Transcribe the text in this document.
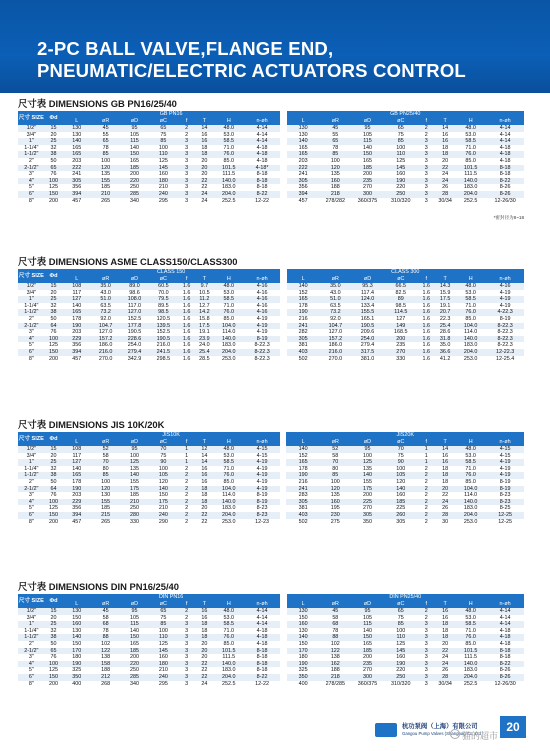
2-PC BALL VALVE,FLANGE END,
PNEUMATIC/ELECTRIC ACTUATORS CONTROL
尺寸表 DIMENSIONS GB PN16/25/40
尺寸 SIZE	Φd	GB PN16									GB PN25/40							
		L	øR	øD	øC	f	T	H	n-øh		L	øR	øD	øC	f	T	H	n-øh
1/2"	15	130	45	95	65	2	14	48.0	4-14		130	45	95	65	2	14	48.0	4-14
3/4"	20	130	55	105	75	2	16	53.0	4-14		130	55	105	75	2	16	53.0	4-14
1"	25	140	65	115	85	3	16	58.5	4-14		140	65	115	85	3	16	58.5	4-14
1-1/4"	32	165	78	140	100	3	18	71.0	4-18		165	78	140	100	3	18	71.0	4-18
1-1/2"	38	165	85	150	110	3	18	76.0	4-18		165	85	150	110	3	18	76.0	4-18
2"	50	203	100	165	125	3	20	85.0	4-18		203	100	165	125	3	20	85.0	4-18
2-1/2"	65	222	120	185	145	3	20	101.5	4-18*		222	120	185	145	3	22	101.5	8-18
3"	76	241	135	200	160	3	20	111.5	8-18		241	135	200	160	3	24	111.5	8-18
4"	100	305	155	220	180	3	22	140.0	8-18		305	160	235	190	3	24	140.0	8-22
5"	125	356	185	250	210	3	22	183.0	8-18		356	188	270	220	3	26	183.0	8-26
6"	150	394	210	285	240	3	24	204.0	8-22		394	218	300	250	3	28	204.0	8-26
8"	200	457	265	340	295	3	24	252.5	12-22		457	278/282	360/375	310/320	3	30/34	252.5	12-26/30
*密封径为8~18
尺寸表 DIMENSIONS ASME CLASS150/CLASS300
尺寸 SIZE	Φd	CLASS 150									CLASS 300							
		L	øR	øD	øC	f	T	H	n-øh		L	øR	øD	øC	f	T	H	n-øh
1/2"	15	108	35.0	89.0	60.5	1.6	9.7	48.0	4-16		140	35.0	95.3	66.5	1.6	14.3	48.0	4-16
3/4"	20	117	43.0	98.6	70.0	1.6	10.5	53.0	4-16		152	43.0	117.4	82.5	1.6	15.9	53.0	4-19
1"	25	127	51.0	108.0	79.5	1.6	11.2	58.5	4-16		165	51.0	124.0	89	1.6	17.5	58.5	4-19
1-1/4"	32	140	63.5	117.0	89.5	1.6	12.7	71.0	4-16		178	63.5	133.4	98.5	1.6	19.1	71.0	4-19
1-1/2"	38	165	73.2	127.0	98.5	1.6	14.2	76.0	4-16		190	73.2	155.5	114.5	1.6	20.7	76.0	4-22.3
2"	50	178	92.0	152.5	120.5	1.6	15.8	85.0	4-19		216	92.0	165.1	127	1.6	22.3	85.0	8-19
2-1/2"	64	190	104.7	177.8	139.5	1.6	17.5	104.0	4-19		241	104.7	190.5	149	1.6	25.4	104.0	8-22.3
3"	76	203	127.0	190.5	152.5	1.6	19.1	114.0	4-19		282	127.0	209.6	168.5	1.6	28.6	114.0	8-22.3
4"	100	229	157.2	228.6	190.5	1.6	23.9	140.0	8-19		305	157.2	254.0	200	1.6	31.8	140.0	8-22.3
5"	125	356	186.0	254.0	216.0	1.6	24.0	183.0	8-22.3		381	186.0	279.4	235	1.6	35.0	183.0	8-22.3
6"	150	394	216.0	279.4	241.5	1.6	25.4	204.0	8-22.3		403	216.0	317.5	270	1.6	36.6	204.0	12-22.3
8"	200	457	270.0	342.9	298.5	1.6	28.5	253.0	8-22.3		502	270.0	381.0	330	1.6	41.2	253.0	12-25.4
尺寸表 DIMENSIONS JIS 10K/20K
尺寸 SIZE	Φd	JIS10K									JIS20K							
		L	øR	øD	øC	f	T	H	n-øh		L	øR	øD	øC	f	T	H	n-øh
1/2"	15	108	52	95	70	1	12	48.0	4-15		140	52	95	70	1	14	48.0	4-15
3/4"	20	117	58	100	75	1	14	53.0	4-15		152	58	100	75	1	16	53.0	4-15
1"	25	127	70	125	90	1	14	58.5	4-19		165	70	125	90	1	16	58.5	4-19
1-1/4"	32	140	80	135	100	2	16	71.0	4-19		178	80	135	100	2	18	71.0	4-19
1-1/2"	38	165	85	140	105	2	16	76.0	4-19		190	85	140	105	2	18	76.0	4-19
2"	50	178	100	155	120	2	16	85.0	4-19		216	100	155	120	2	18	85.0	8-19
2-1/2"	64	190	120	175	140	2	18	104.0	4-19		241	120	175	140	2	20	104.0	8-19
3"	76	203	130	185	150	2	18	114.0	8-19		283	135	200	160	2	22	114.0	8-23
4"	100	229	155	210	175	2	18	140.0	8-19		305	160	225	185	2	24	140.0	8-23
5"	125	356	185	250	210	2	20	183.0	8-23		381	195	270	225	2	26	183.0	8-25
6"	150	394	215	280	240	2	22	204.0	8-23		403	230	305	260	2	28	204.0	12-25
8"	200	457	265	330	290	2	22	253.0	12-23		502	275	350	305	2	30	253.0	12-25
尺寸表 DIMENSIONS DIN PN16/25/40
尺寸 SIZE	Φd	DIN PN16									DIN PN25/40							
		L	øR	øD	øC	f	T	H	n-øh		L	øR	øD	øC	f	T	H	n-øh
1/2"	15	130	45	95	65	2	16	48.0	4-14		130	45	95	65	2	16	48.0	4-14
3/4"	20	150	58	105	75	2	16	53.0	4-14		150	58	105	75	2	16	53.0	4-14
1"	25	160	68	115	85	3	18	58.5	4-14		160	68	115	85	3	18	58.5	4-14
1-1/4"	32	130	78	140	100	3	18	71.0	4-18		130	78	140	100	3	18	71.0	4-18
1-1/2"	38	140	88	150	110	3	18	76.0	4-18		140	88	150	110	3	18	76.0	4-18
2"	50	150	102	165	125	3	20	85.0	4-18		150	102	165	125	3	20	85.0	4-18
2-1/2"	65	170	122	185	145	3	20	101.5	8-18		170	122	185	145	3	22	101.5	8-18
3"	76	180	138	200	160	3	20	111.5	8-18		180	138	200	160	3	24	111.5	8-18
4"	100	190	158	220	180	3	22	140.0	8-18		190	162	235	190	3	24	140.0	8-22
5"	125	325	188	250	210	3	22	183.0	8-18		325	188	270	220	3	26	183.0	8-26
6"	150	350	212	285	240	3	22	204.0	8-22		350	218	300	250	3	28	204.0	8-26
8"	200	400	268	340	295	3	24	252.5	12-22		400	278/285	360/375	310/320	3	30/34	252.5	12-26/30
杭功泵阀（上海）有限公司
Gangou Pump Valves (Shanghai) Co.,Ltd
猫的超市
20
